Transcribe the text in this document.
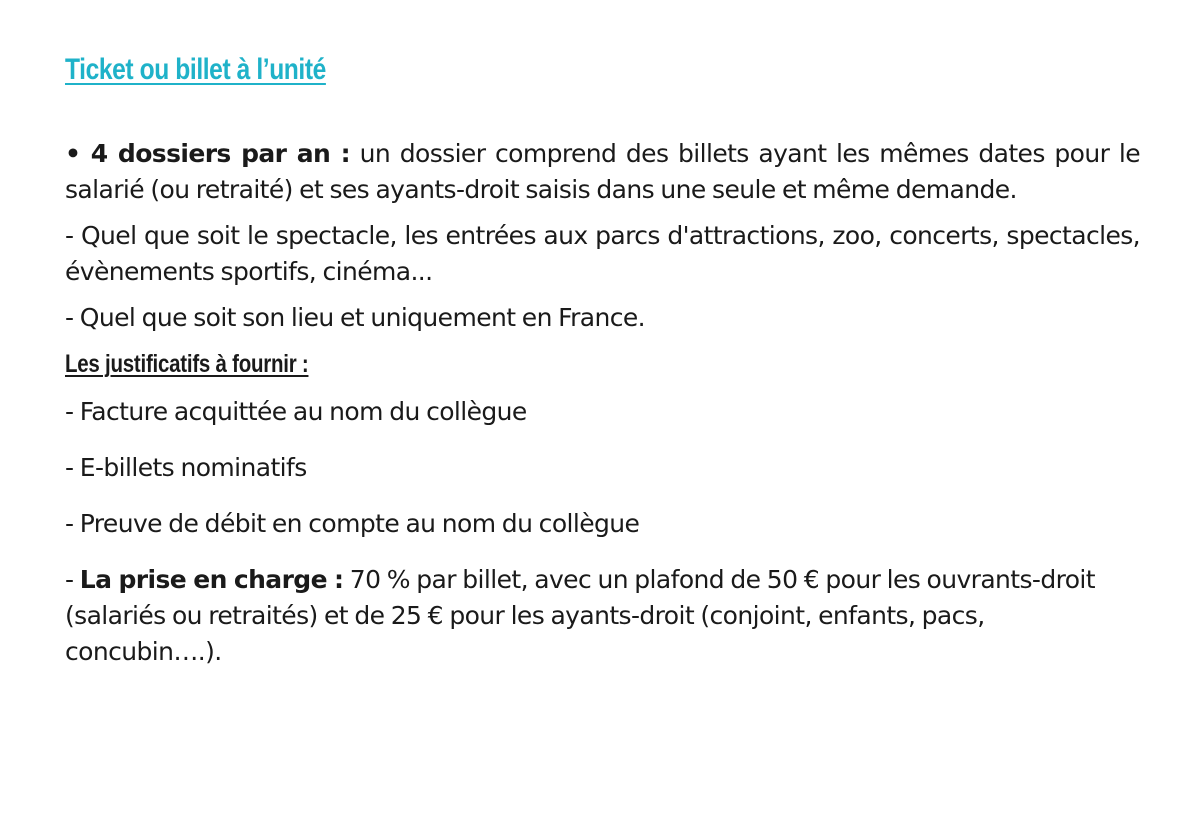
Ticket ou billet à l’unité

• 4 dossiers par an : un dossier comprend des billets ayant les mêmes dates pour le salarié (ou retraité) et ses ayants-droit saisis dans une seule et même demande.

- Quel que soit le spectacle, les entrées aux parcs d'attractions, zoo, concerts, spectacles, évènements sportifs, cinéma...

- Quel que soit son lieu et uniquement en France.

Les justificatifs à fournir :

- Facture acquittée au nom du collègue

- E-billets nominatifs

- Preuve de débit en compte au nom du collègue

- La prise en charge : 70 % par billet, avec un plafond de 50 € pour les ouvrants-droit (salariés ou retraités) et de 25 € pour les ayants-droit (conjoint, enfants, pacs, concubin….).
